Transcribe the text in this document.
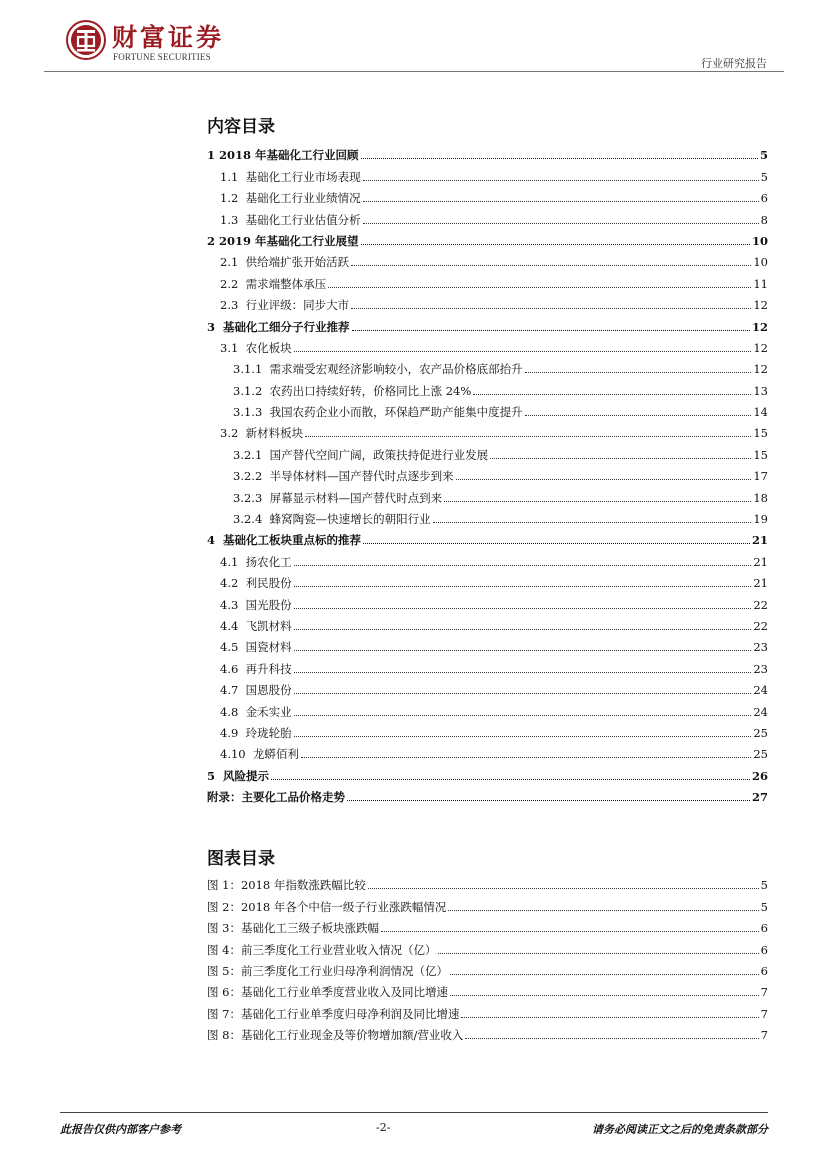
财富证券
FORTUNE SECURITIES	行业研究报告
内容目录
1 2018 年基础化工行业回顾	5
1.1 基础化工行业市场表现	5
1.2 基础化工行业业绩情况	6
1.3 基础化工行业估值分析	8
2 2019 年基础化工行业展望	10
2.1 供给端扩张开始活跃	10
2.2 需求端整体承压	11
2.3 行业评级：同步大市	12
3 基础化工细分子行业推荐	12
3.1 农化板块	12
3.1.1 需求端受宏观经济影响较小，农产品价格底部抬升	12
3.1.2 农药出口持续好转，价格同比上涨 24%	13
3.1.3 我国农药企业小而散，环保趋严助产能集中度提升	14
3.2 新材料板块	15
3.2.1 国产替代空间广阔，政策扶持促进行业发展	15
3.2.2 半导体材料—国产替代时点逐步到来	17
3.2.3 屏幕显示材料—国产替代时点到来	18
3.2.4 蜂窝陶瓷—快速增长的朝阳行业	19
4 基础化工板块重点标的推荐	21
4.1 扬农化工	21
4.2 利民股份	21
4.3 国光股份	22
4.4 飞凯材料	22
4.5 国瓷材料	23
4.6 再升科技	23
4.7 国恩股份	24
4.8 金禾实业	24
4.9 玲珑轮胎	25
4.10 龙蟒佰利	25
5 风险提示	26
附录：主要化工品价格走势	27
图表目录
图 1：2018 年指数涨跌幅比较	5
图 2：2018 年各个中信一级子行业涨跌幅情况	5
图 3：基础化工三级子板块涨跌幅	6
图 4：前三季度化工行业营业收入情况（亿）	6
图 5：前三季度化工行业归母净利润情况（亿）	6
图 6：基础化工行业单季度营业收入及同比增速	7
图 7：基础化工行业单季度归母净利润及同比增速	7
图 8：基础化工行业现金及等价物增加额/营业收入	7
此报告仅供内部客户参考	-2-	请务必阅读正文之后的免责条款部分
